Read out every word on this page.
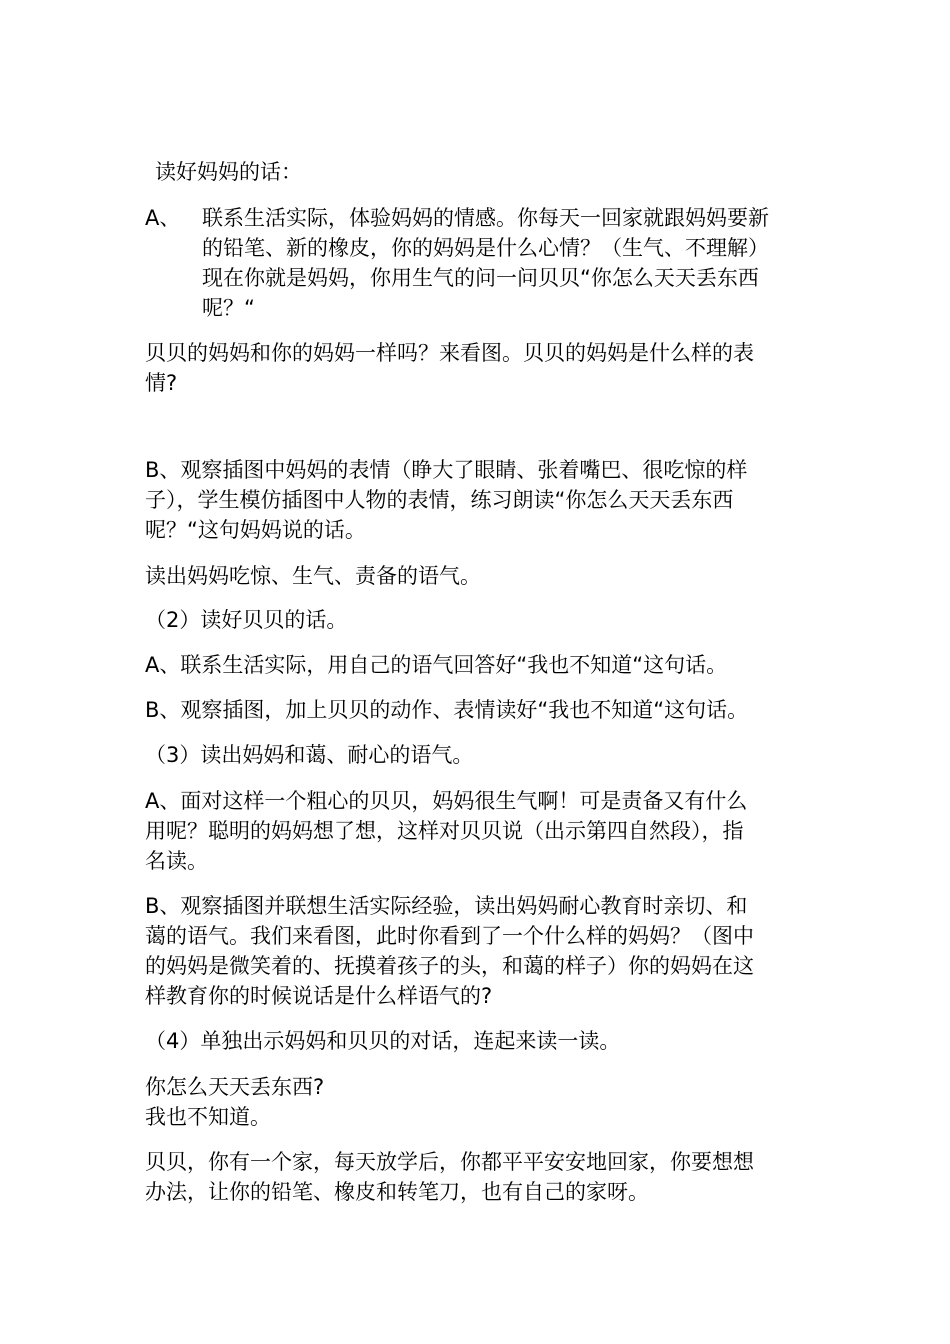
读好妈妈的话：
A、 联系生活实际，体验妈妈的情感。你每天一回家就跟妈妈要新
的铅笔、新的橡皮，你的妈妈是什么心情？（生气、不理解）
现在你就是妈妈，你用生气的问一问贝贝“你怎么天天丢东西
呢？“
贝贝的妈妈和你的妈妈一样吗？来看图。贝贝的妈妈是什么样的表
情?
B、观察插图中妈妈的表情（睁大了眼睛、张着嘴巴、很吃惊的样
子），学生模仿插图中人物的表情，练习朗读“你怎么天天丢东西
呢？“这句妈妈说的话。
读出妈妈吃惊、生气、责备的语气。
（2）读好贝贝的话。
A、联系生活实际，用自己的语气回答好“我也不知道“这句话。
B、观察插图，加上贝贝的动作、表情读好“我也不知道“这句话。
（3）读出妈妈和蔼、耐心的语气。
A、面对这样一个粗心的贝贝，妈妈很生气啊！可是责备又有什么
用呢？聪明的妈妈想了想，这样对贝贝说（出示第四自然段），指
名读。
B、观察插图并联想生活实际经验，读出妈妈耐心教育时亲切、和
蔼的语气。我们来看图，此时你看到了一个什么样的妈妈？（图中
的妈妈是微笑着的、抚摸着孩子的头，和蔼的样子）你的妈妈在这
样教育你的时候说话是什么样语气的?
（4）单独出示妈妈和贝贝的对话，连起来读一读。
你怎么天天丢东西?
我也不知道。
贝贝，你有一个家，每天放学后，你都平平安安地回家，你要想想
办法，让你的铅笔、橡皮和转笔刀，也有自己的家呀。
